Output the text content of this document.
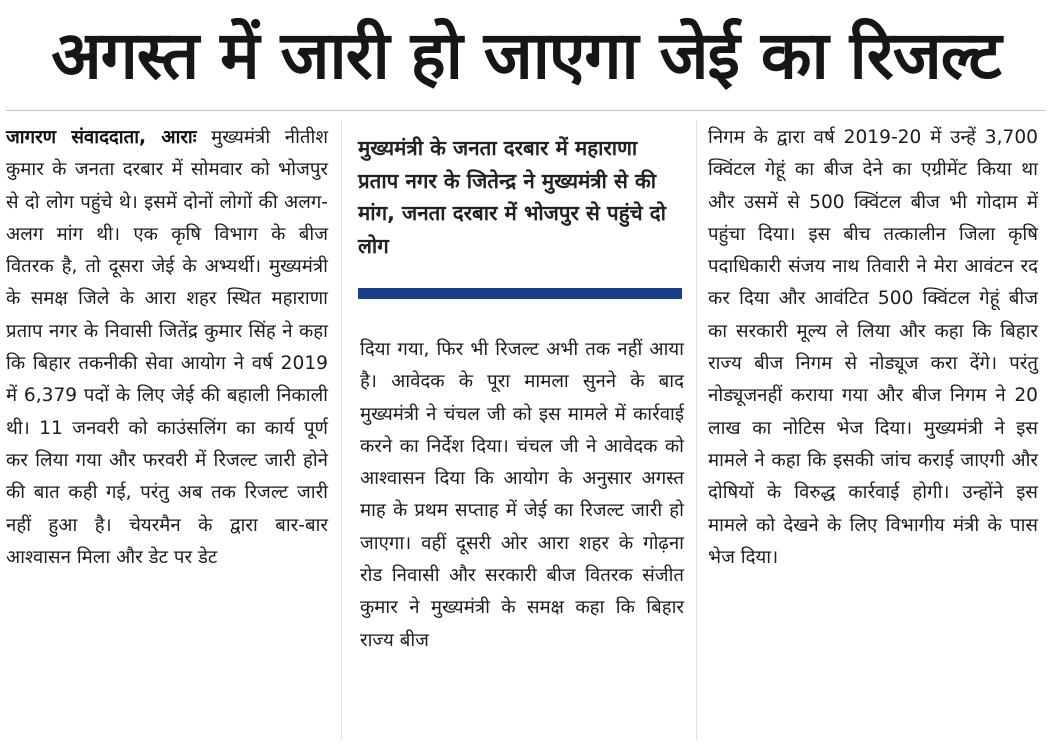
अगस्त में जारी हो जाएगा जेई का रिजल्ट

जागरण संवाददाता, आराः मुख्यमंत्री नीतीश कुमार के जनता दरबार में सोमवार को भोजपुर से दो लोग पहुंचे थे। इसमें दोनों लोगों की अलग-अलग मांग थी। एक कृषि विभाग के बीज वितरक है, तो दूसरा जेई के अभ्यर्थी। मुख्यमंत्री के समक्ष जिले के आरा शहर स्थित महाराणा प्रताप नगर के निवासी जितेंद्र कुमार सिंह ने कहा कि बिहार तकनीकी सेवा आयोग ने वर्ष 2019 में 6,379 पदों के लिए जेई की बहाली निकाली थी। 11 जनवरी को काउंसलिंग का कार्य पूर्ण कर लिया गया और फरवरी में रिजल्ट जारी होने की बात कही गई, परंतु अब तक रिजल्ट जारी नहीं हुआ है। चेयरमैन के द्वारा बार-बार आश्वासन मिला और डेट पर डेट

मुख्यमंत्री के जनता दरबार में महाराणा प्रताप नगर के जितेन्द्र ने मुख्यमंत्री से की मांग, जनता दरबार में भोजपुर से पहुंचे दो लोग

दिया गया, फिर भी रिजल्ट अभी तक नहीं आया है। आवेदक के पूरा मामला सुनने के बाद मुख्यमंत्री ने चंचल जी को इस मामले में कार्रवाई करने का निर्देश दिया। चंचल जी ने आवेदक को आश्वासन दिया कि आयोग के अनुसार अगस्त माह के प्रथम सप्ताह में जेई का रिजल्ट जारी हो जाएगा। वहीं दूसरी ओर आरा शहर के गोढ़ना रोड निवासी और सरकारी बीज वितरक संजीत कुमार ने मुख्यमंत्री के समक्ष कहा कि बिहार राज्य बीज

निगम के द्वारा वर्ष 2019-20 में उन्हें 3,700 क्विंटल गेहूं का बीज देने का एग्रीमेंट किया था और उसमें से 500 क्विंटल बीज भी गोदाम में पहुंचा दिया। इस बीच तत्कालीन जिला कृषि पदाधिकारी संजय नाथ तिवारी ने मेरा आवंटन रद कर दिया और आवंटित 500 क्विंटल गेहूं बीज का सरकारी मूल्य ले लिया और कहा कि बिहार राज्य बीज निगम से नोड्यूज करा देंगे। परंतु नोड्यूजनहीं कराया गया और बीज निगम ने 20 लाख का नोटिस भेज दिया। मुख्यमंत्री ने इस मामले ने कहा कि इसकी जांच कराई जाएगी और दोषियों के विरुद्ध कार्रवाई होगी। उन्होंने इस मामले को देखने के लिए विभागीय मंत्री के पास भेज दिया।
